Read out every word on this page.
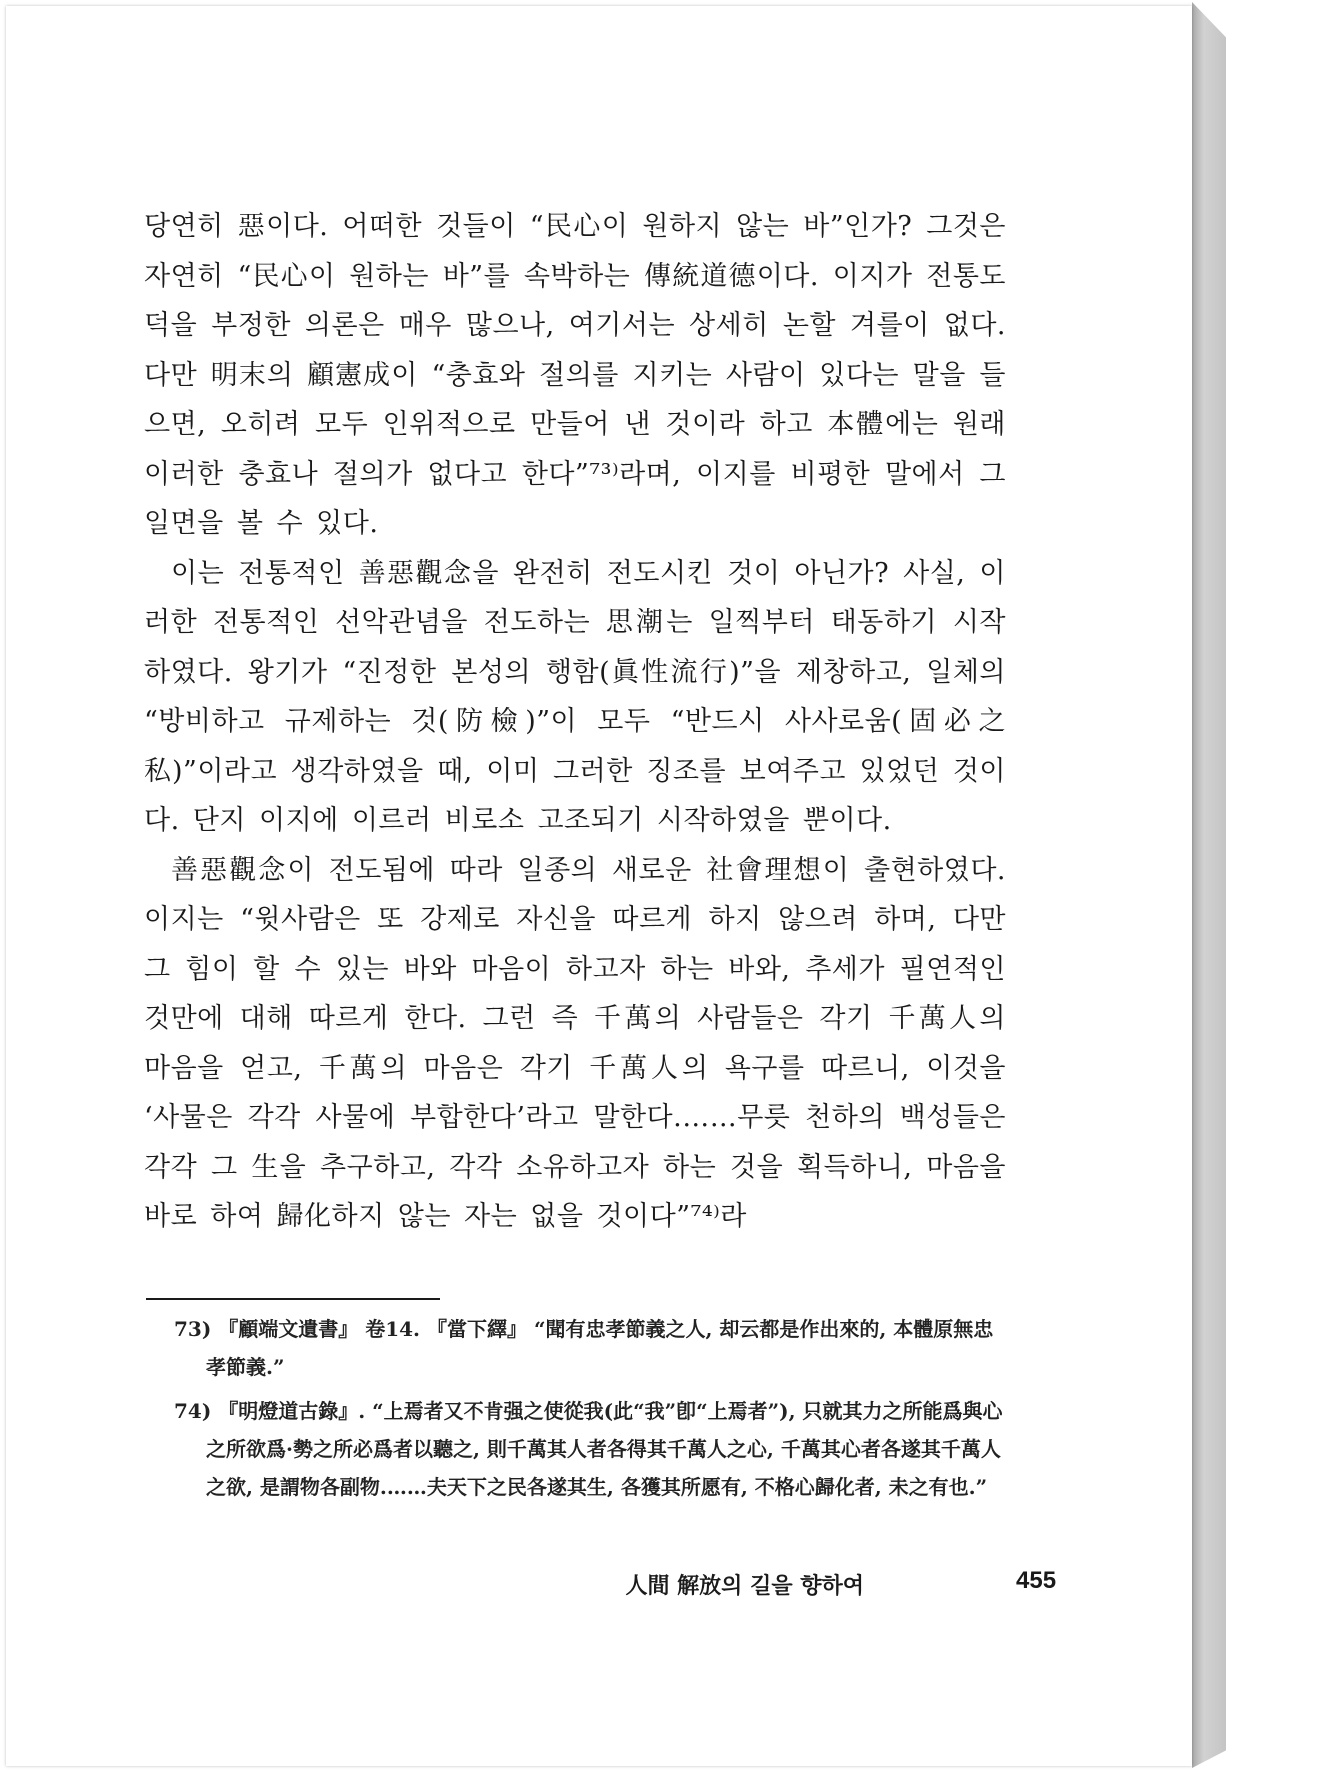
당연히 惡이다. 어떠한 것들이 “民心이 원하지 않는 바”인가? 그것은 자연히 “民心이 원하는 바”를 속박하는 傳統道德이다. 이지가 전통도덕을 부정한 의론은 매우 많으나, 여기서는 상세히 논할 겨를이 없다. 다만 明末의 顧憲成이 “충효와 절의를 지키는 사람이 있다는 말을 들으면, 오히려 모두 인위적으로 만들어 낸 것이라 하고 本體에는 원래 이러한 충효나 절의가 없다고 한다”⁷³⁾라며, 이지를 비평한 말에서 그 일면을 볼 수 있다.

이는 전통적인 善惡觀念을 완전히 전도시킨 것이 아닌가? 사실, 이러한 전통적인 선악관념을 전도하는 思潮는 일찍부터 태동하기 시작하였다. 왕기가 “진정한 본성의 행함(眞性流行)”을 제창하고, 일체의 “방비하고 규제하는 것(防檢)”이 모두 “반드시 사사로움(固必之私)”이라고 생각하였을 때, 이미 그러한 징조를 보여주고 있었던 것이다. 단지 이지에 이르러 비로소 고조되기 시작하였을 뿐이다.

善惡觀念이 전도됨에 따라 일종의 새로운 社會理想이 출현하였다. 이지는 “윗사람은 또 강제로 자신을 따르게 하지 않으려 하며, 다만 그 힘이 할 수 있는 바와 마음이 하고자 하는 바와, 추세가 필연적인 것만에 대해 따르게 한다. 그런 즉 千萬의 사람들은 각기 千萬人의 마음을 얻고, 千萬의 마음은 각기 千萬人의 욕구를 따르니, 이것을 ‘사물은 각각 사물에 부합한다’라고 말한다.……무릇 천하의 백성들은 각각 그 生을 추구하고, 각각 소유하고자 하는 것을 획득하니, 마음을 바로 하여 歸化하지 않는 자는 없을 것이다”⁷⁴⁾라

73) 『顧端文遺書』 卷14. 『當下繹』 “聞有忠孝節義之人, 却云都是作出來的, 本體原無忠孝節義.”

74) 『明燈道古錄』. “上焉者又不肯强之使從我(此“我”卽“上焉者”), 只就其力之所能爲與心之所欲爲·勢之所必爲者以聽之, 則千萬其人者各得其千萬人之心, 千萬其心者各遂其千萬人之欲, 是謂物各副物.……夫天下之民各遂其生, 各獲其所愿有, 不格心歸化者, 未之有也.”

人間 解放의 길을 향하여	455
